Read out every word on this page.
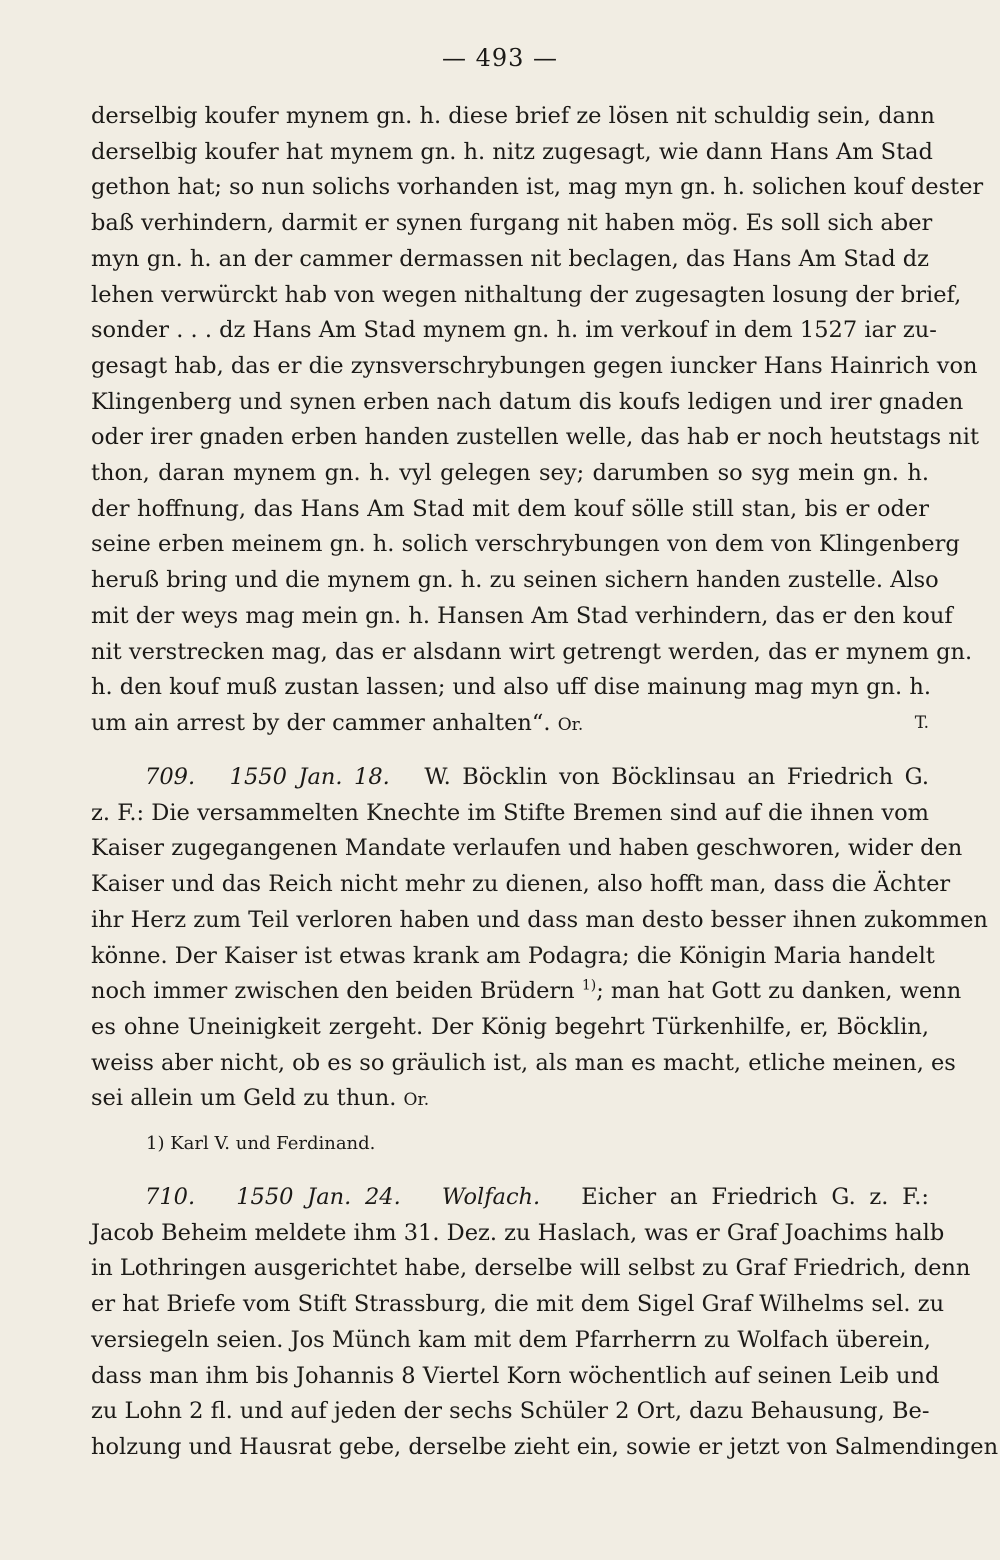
— 493 —
derselbig koufer mynem gn. h. diese brief ze lösen nit schuldig sein, dann
derselbig koufer hat mynem gn. h. nitz zugesagt, wie dann Hans Am Stad
gethon hat; so nun solichs vorhanden ist, mag myn gn. h. solichen kouf dester
baß verhindern, darmit er synen furgang nit haben mög. Es soll sich aber
myn gn. h. an der cammer dermassen nit beclagen, das Hans Am Stad dz
lehen verwürckt hab von wegen nithaltung der zugesagten losung der brief,
sonder . . . dz Hans Am Stad mynem gn. h. im verkouf in dem 1527 iar zu-
gesagt hab, das er die zynsverschrybungen gegen iuncker Hans Hainrich von
Klingenberg und synen erben nach datum dis koufs ledigen und irer gnaden
oder irer gnaden erben handen zustellen welle, das hab er noch heutstags nit
thon, daran mynem gn. h. vyl gelegen sey; darumben so syg mein gn. h.
der hoffnung, das Hans Am Stad mit dem kouf sölle still stan, bis er oder
seine erben meinem gn. h. solich verschrybungen von dem von Klingenberg
heruß bring und die mynem gn. h. zu seinen sichern handen zustelle. Also
mit der weys mag mein gn. h. Hansen Am Stad verhindern, das er den kouf
nit verstrecken mag, das er alsdann wirt getrengt werden, das er mynem gn.
h. den kouf muß zustan lassen; und also uff dise mainung mag myn gn. h.
um ain arrest by der cammer anhalten“. Or.	T.
709. 1550 Jan. 18. W. Böcklin von Böcklinsau an Friedrich G.
z. F.: Die versammelten Knechte im Stifte Bremen sind auf die ihnen vom
Kaiser zugegangenen Mandate verlaufen und haben geschworen, wider den
Kaiser und das Reich nicht mehr zu dienen, also hofft man, dass die Ächter
ihr Herz zum Teil verloren haben und dass man desto besser ihnen zukommen
könne. Der Kaiser ist etwas krank am Podagra; die Königin Maria handelt
noch immer zwischen den beiden Brüdern $^{1)}$; man hat Gott zu danken, wenn
es ohne Uneinigkeit zergeht. Der König begehrt Türkenhilfe, er, Böcklin,
weiss aber nicht, ob es so gräulich ist, als man es macht, etliche meinen, es
sei allein um Geld zu thun. Or.
1) Karl V. und Ferdinand.
710. 1550 Jan. 24. Wolfach. Eicher an Friedrich G. z. F.:
Jacob Beheim meldete ihm 31. Dez. zu Haslach, was er Graf Joachims halb
in Lothringen ausgerichtet habe, derselbe will selbst zu Graf Friedrich, denn
er hat Briefe vom Stift Strassburg, die mit dem Sigel Graf Wilhelms sel. zu
versiegeln seien. Jos Münch kam mit dem Pfarrherrn zu Wolfach überein,
dass man ihm bis Johannis 8 Viertel Korn wöchentlich auf seinen Leib und
zu Lohn 2 fl. und auf jeden der sechs Schüler 2 Ort, dazu Behausung, Be-
holzung und Hausrat gebe, derselbe zieht ein, sowie er jetzt von Salmendingen
